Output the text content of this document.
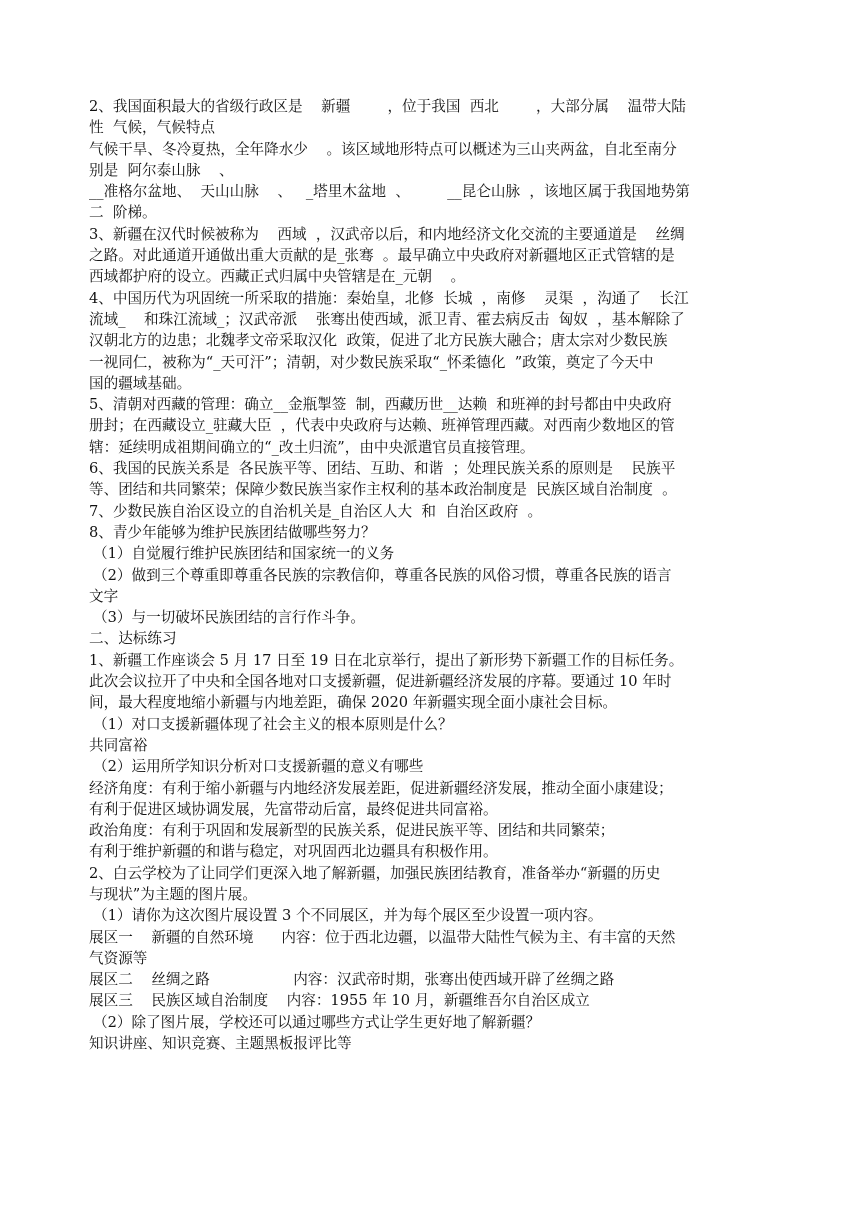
2、我国面积最大的省级行政区是    新疆        ，位于我国  西北        ，大部分属    温带大陆
性  气候，气候特点
气候干旱、冬冷夏热，全年降水少    。该区域地形特点可以概述为三山夹两盆，自北至南分
别是  阿尔泰山脉    、
__准格尔盆地、  天山山脉    、   _塔里木盆地  、        __昆仑山脉  ，该地区属于我国地势第
二  阶梯。
3、新疆在汉代时候被称为    西域  ，汉武帝以后，和内地经济文化交流的主要通道是    丝绸
之路。对此通道开通做出重大贡献的是_张骞  。最早确立中央政府对新疆地区正式管辖的是
西域都护府的设立。西藏正式归属中央管辖是在_元朝    。
4、中国历代为巩固统一所采取的措施：秦始皇，北修  长城  ，南修    灵渠  ，沟通了    长江
流域_    和珠江流域_；汉武帝派    张骞出使西域，派卫青、霍去病反击  匈奴  ，基本解除了
汉朝北方的边患；北魏孝文帝采取汉化  政策，促进了北方民族大融合；唐太宗对少数民族
一视同仁，被称为“_天可汗”；清朝，对少数民族采取“_怀柔德化  ”政策，奠定了今天中
国的疆域基础。
5、清朝对西藏的管理：确立__金瓶掣签  制，西藏历世__达赖  和班禅的封号都由中央政府
册封；在西藏设立_驻藏大臣  ，代表中央政府与达赖、班禅管理西藏。对西南少数地区的管
辖：延续明成祖期间确立的“_改土归流”，由中央派遣官员直接管理。
6、我国的民族关系是  各民族平等、团结、互助、和谐  ；处理民族关系的原则是    民族平
等、团结和共同繁荣；保障少数民族当家作主权利的基本政治制度是  民族区域自治制度  。
7、少数民族自治区设立的自治机关是_自治区人大  和  自治区政府  。
8、青少年能够为维护民族团结做哪些努力？
（1）自觉履行维护民族团结和国家统一的义务
（2）做到三个尊重即尊重各民族的宗教信仰，尊重各民族的风俗习惯，尊重各民族的语言
文字
（3）与一切破坏民族团结的言行作斗争。
二、达标练习
1、新疆工作座谈会 5 月 17 日至 19 日在北京举行，提出了新形势下新疆工作的目标任务。
此次会议拉开了中央和全国各地对口支援新疆，促进新疆经济发展的序幕。要通过 10 年时
间，最大程度地缩小新疆与内地差距，确保 2020 年新疆实现全面小康社会目标。
（1）对口支援新疆体现了社会主义的根本原则是什么？
共同富裕
（2）运用所学知识分析对口支援新疆的意义有哪些
经济角度：有利于缩小新疆与内地经济发展差距，促进新疆经济发展，推动全面小康建设；
有利于促进区域协调发展，先富带动后富，最终促进共同富裕。
政治角度：有利于巩固和发展新型的民族关系，促进民族平等、团结和共同繁荣；
有利于维护新疆的和谐与稳定，对巩固西北边疆具有积极作用。
2、白云学校为了让同学们更深入地了解新疆，加强民族团结教育，准备举办“新疆的历史
与现状”为主题的图片展。
（1）请你为这次图片展设置 3 个不同展区，并为每个展区至少设置一项内容。
展区一    新疆的自然环境      内容：位于西北边疆，以温带大陆性气候为主、有丰富的天然
气资源等
展区二    丝绸之路                  内容：汉武帝时期，张骞出使西域开辟了丝绸之路
展区三    民族区域自治制度    内容：1955 年 10 月，新疆维吾尔自治区成立
（2）除了图片展，学校还可以通过哪些方式让学生更好地了解新疆？
知识讲座、知识竞赛、主题黑板报评比等
